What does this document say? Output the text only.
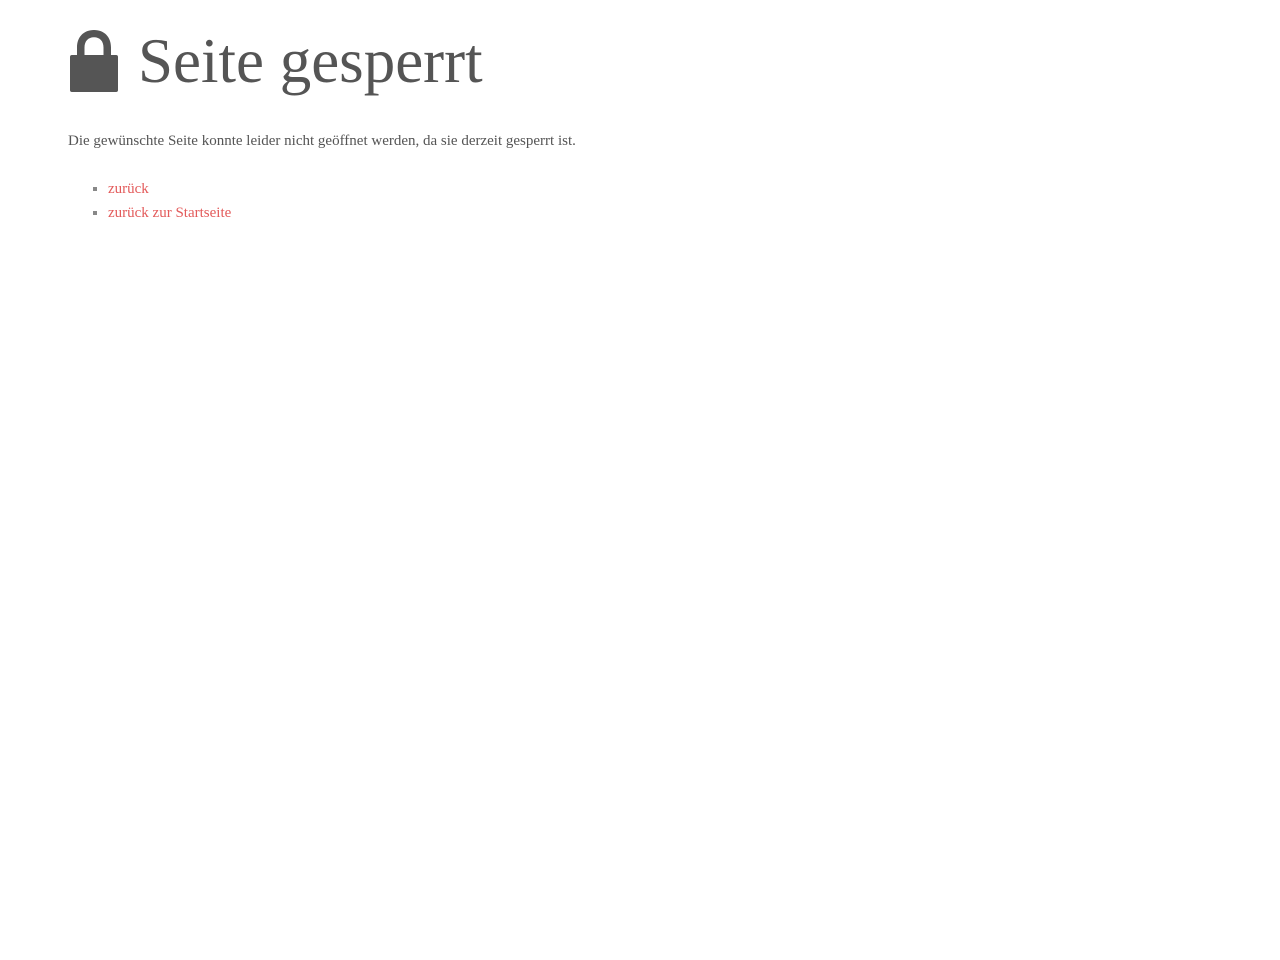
Seite gesperrt

Die gewünschte Seite konnte leider nicht geöffnet werden, da sie derzeit gesperrt ist.

▪ zurück
▪ zurück zur Startseite
